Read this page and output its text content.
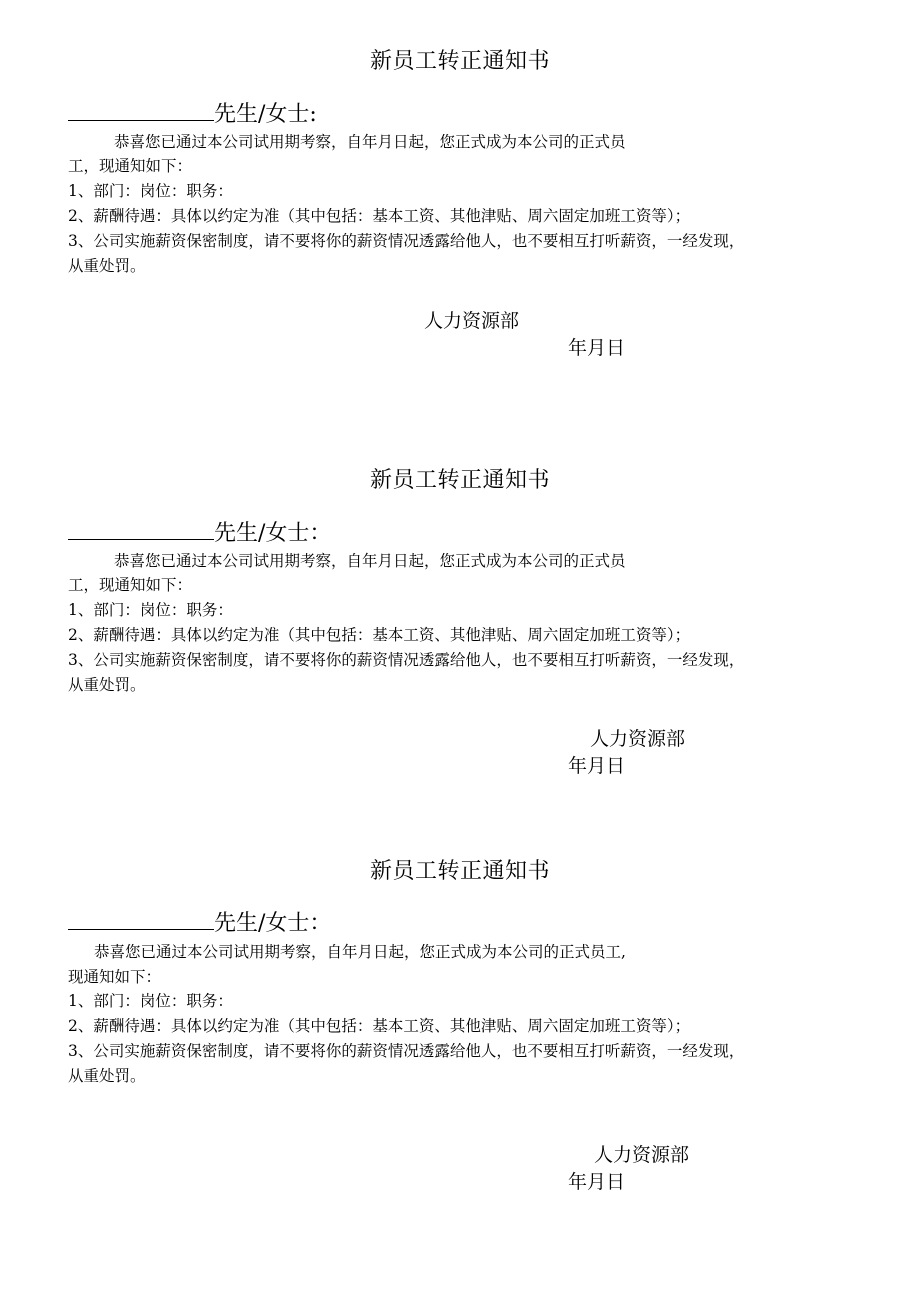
新员工转正通知书
先生/女士:
恭喜您已通过本公司试用期考察，自年月日起，您正式成为本公司的正式员
工，现通知如下：
1、部门：岗位：职务：
2、薪酬待遇：具体以约定为准（其中包括：基本工资、其他津贴、周六固定加班工资等）；
3、公司实施薪资保密制度，请不要将你的薪资情况透露给他人，也不要相互打听薪资，一经发现，
从重处罚。
人力资源部
年月日
新员工转正通知书
先生/女士：
恭喜您已通过本公司试用期考察，自年月日起，您正式成为本公司的正式员
工，现通知如下：
1、部门：岗位：职务：
2、薪酬待遇：具体以约定为准（其中包括：基本工资、其他津贴、周六固定加班工资等）；
3、公司实施薪资保密制度，请不要将你的薪资情况透露给他人，也不要相互打听薪资，一经发现，
从重处罚。
人力资源部
年月日
新员工转正通知书
先生/女士：
恭喜您已通过本公司试用期考察，自年月日起，您正式成为本公司的正式员工,
现通知如下：
1、部门：岗位：职务：
2、薪酬待遇：具体以约定为准（其中包括：基本工资、其他津贴、周六固定加班工资等）；
3、公司实施薪资保密制度，请不要将你的薪资情况透露给他人，也不要相互打听薪资，一经发现，
从重处罚。
人力资源部
年月日
